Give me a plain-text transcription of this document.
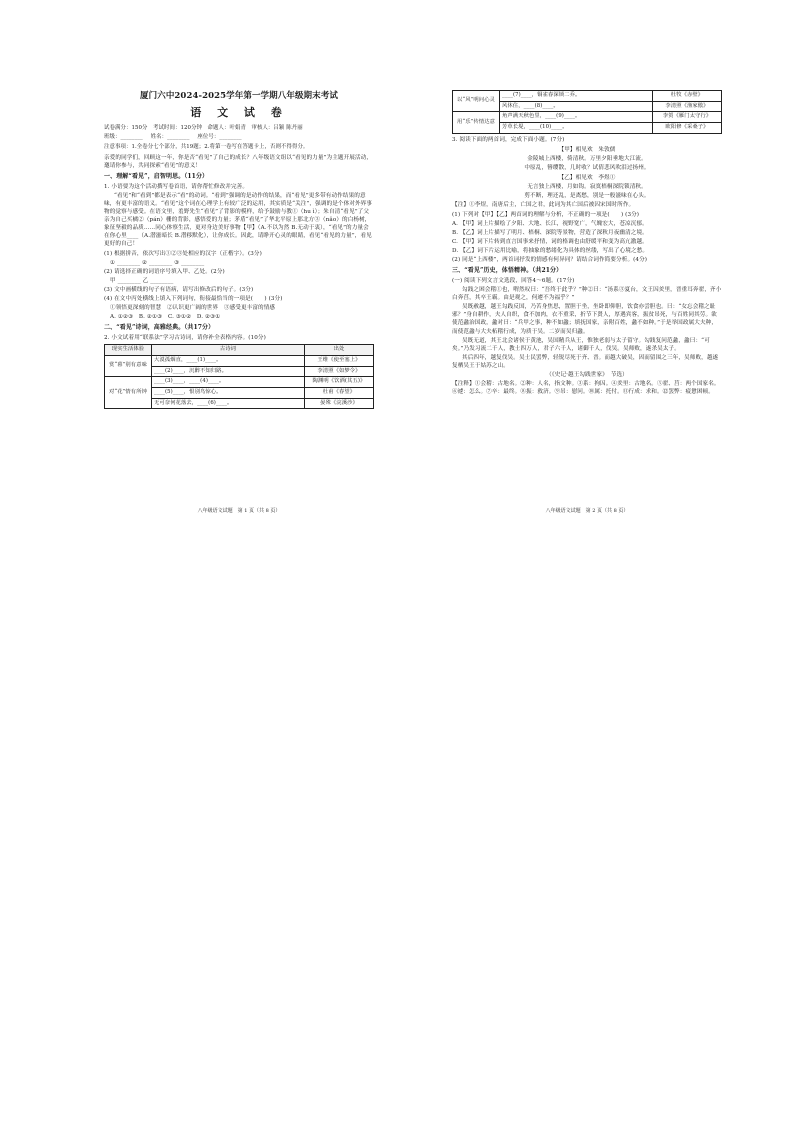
厦门六中2024-2025学年第一学期八年级期末考试
语 文 试 卷
试卷满分：150分　考试时间：120分钟　命题人：叶娟青　审核人：吕颖 陈丹丽
班级：________ 姓名：________ 座位号：________
注意事项：1.全卷分七个部分，共19题；2.将第一卷写在答题卡上，否则不得得分。
亲爱的同学们，回顾这一年，你是否“看见”了自己的成长？八年级语文组以“看见的力量”为主题开展活动，邀请你参与，共同探索“看见”的意义！
一、理解“看见”，启智明思。（11分）
1. 小语要为这个活动撰写卷首语，请你帮忙修改并完善。
“看见”和“看到”都是表示“看”的动词。“看到”强调的是动作的结果，而“看见”更多带有动作结果的意味，有更丰富的语义。“看见”这个词在心理学上有较广泛的运用，其实质是“关注”，强调的是个体对外界事物的觉察与感受。在语文里，羞野先生“看见”了背影的模样，给予鼓励与教①（hu ì）；朱自清“看见”了父亲为自己买橘②（pán）栅的背影，感悟爱的力量；茅盾“看见”了华北平原上那北方③（nǎo）的白杨树，象征坚毅的品质……同心体察生活，更对身边美好事物【甲】（A.不以为然 B.无动于衷），“看见”的力量会在你心里____（A.潜滋暗长 B.潜移默化），让你成长。因此，请睁开心灵的眼睛，看见“看见的力量”，看见更好的自己！
(1) 根据拼音，依次写出①②③处相应的汉字（正楷字）。(3分)
① ________ ② ________ ③ ________
(2) 请选择正确的词语序号填入甲、乙处。(2分)
甲 ________ 乙 ________
(3) 文中画横线的句子有语病，请写出修改后的句子。(3分)
(4) 在文中丙处横线上填入下列词句，衔接最恰当的一项是(　　) (3分)
①领悟更深刻的智慧　②认识更广阔的世界　③感受更丰富的情感
A. ①②③　B. ②①③　C. ③①②　D. ②③①
二、“看见”诗词，高雅经典。（共17分）
2. 小文试着用“联系法”学习古诗词，请你补全表格内容。(10分)
现实生活体验	古诗词	出处
赏“暮”别有意味	大漠孤烟直，____(1)____。	王维《使至塞上》
	____(2)____，沉醉不知归路。	李清照《如梦令》
对“花”情有所钟	____(3)____，____(4)____。	陶渊明《饮酒(其五)》
	____(5)____，恨别鸟惊心。	杜甫《春望》
	无可奈何花落去，____(6)____。	晏殊《浣溪沙》
八年级语文试题　第 1 页（共 8 页）
以“风”明问心灵	____(7)____，铜雀春深锁二乔。	杜牧《赤壁》
	风休住，____(8)____。	李清照《渔家傲》
用“乐”传情达意	角声满天秋色里，____(9)____。	李贺《雁门太守行》
	芳草长堤，____(10)____。	欧阳修《采桑子》
3. 阅读下面的两首词，完成下面小题。(7分)
【甲】相见欢　朱敦儒
金陵城上西楼，倚清秋。万里夕阳垂地大江流。
中原乱，簪缨散，几时收？试倩悲风吹泪过扬州。
【乙】相见欢　李煜①
无言独上西楼，月如钩。寂寞梧桐深院锁清秋。
剪不断，理还乱，是离愁，别是一般滋味在心头。
【注】①李煜，南唐后主，亡国之君，此词为其亡国后被囚宋国时所作。
(1) 下列对【甲】【乙】两首词的理解与分析，不正确的一项是(　　) (3分)
A. 【甲】词上片描绘了夕阳、大地、长江，视野宽广，气魄宏大，苍凉沉郁。
B. 【乙】词上片描写了明月、梧桐、深院等景物，营造了深秋月夜幽清之境。
C. 【甲】词下片转到直言国事来抒情，词的格调也由舒缓平和变为高亢激越。
D. 【乙】词下片运用比喻，将抽象的愁绪化为具体的丝缕，写出了心境之愁。
(2) 同是“上西楼”，两首词抒发的情感有何异同？请结合词作简要分析。(4分)
三、“看见”历史，体悟精神。（共21分）
(一) 阅读下列文言文选段，回答4～6题。(17分)
勾践之困会稽①也，喟然叹曰：“吾终于此乎？”种②曰：“汤系③夏台，文王囚羑里，晋重耳奔翟，齐小白奔莒，其卒王霸。由是观之，何遽不为福乎？”
吴既赦越，越王勾践反国，乃苦身焦思，置胆于坐，坐卧即仰胆，饮食亦尝胆也。曰：“女忘会稽之耻邪？”身自耕作，夫人自织，食不加肉，衣不重采，折节下贤人，厚遇宾客，振贫吊死，与百姓同其劳。欲使范蠡治国政，蠡对曰：“兵甲之事，种不如蠡；填抚国家，亲附百姓，蠡不如种。”于是举国政属大夫种，而使范蠡与大夫柘稽行成，为质于吴。二岁而吴归蠡。
吴既无道，其王北会诸侯于黄池，吴国精兵从王，惟独老弱与太子留守。勾践复问范蠡，蠡曰：“可矣。”乃发习流二千人，教士四万人，君子六千人，诸御千人，伐吴。吴师败，遂杀吴太子。
其后四年，越复伐吴。吴士民罢弊，轻锐尽死于齐、晋。而越大破吴，因而留围之三年，吴师败，越遂复栖吴王于姑苏之山。
（《史记·越王勾践世家》　节选）
【注释】①会稽：古地名。②种：人名，指文种。③系：拘囚。④羑里：古地名。⑤翟、莒：两个国家名。⑥遽：怎么。⑦卒：最终。⑧振：救济。⑨吊：慰问。⑩属：托付。⑪行成：求和。⑫罢弊：疲惫困顿。
八年级语文试题　第 2 页（共 8 页）
